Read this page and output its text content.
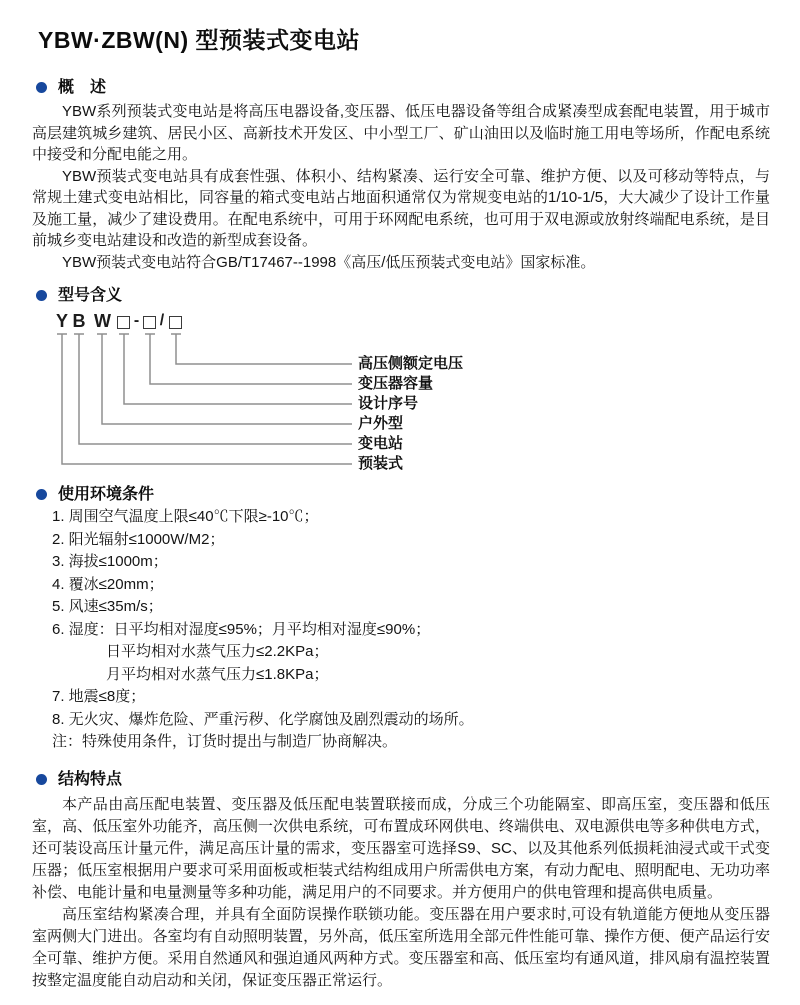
YBW·ZBW(N) 型预装式变电站
概　述

YBW系列预装式变电站是将高压电器设备,变压器、低压电器设备等组合成紧凑型成套配电装置，用于城市高层建筑城乡建筑、居民小区、高新技术开发区、中小型工厂、矿山油田以及临时施工用电等场所，作配电系统中接受和分配电能之用。

YBW预装式变电站具有成套性强、体积小、结构紧凑、运行安全可靠、维护方便、以及可移动等特点，与常规土建式变电站相比，同容量的箱式变电站占地面积通常仅为常规变电站的1/10-1/5，大大减少了设计工作量及施工量，减少了建设费用。在配电系统中，可用于环网配电系统，也可用于双电源或放射终端配电系统，是目前城乡变电站建设和改造的新型成套设备。

YBW预装式变电站符合GB/T17467--1998《高压/低压预装式变电站》国家标准。

型号含义
Y B W - /
高压侧额定电压
变压器容量
设计序号
户外型
变电站
预装式
使用环境条件
1. 周围空气温度上限≤40℃下限≥-10℃；
2. 阳光辐射≤1000W/M2；
3. 海拔≤1000m；
4. 覆冰≤20mm；
5. 风速≤35m/s；
6. 湿度：日平均相对湿度≤95%；月平均相对湿度≤90%；
日平均相对水蒸气压力≤2.2KPa；
月平均相对水蒸气压力≤1.8KPa；
7. 地震≤8度；
8. 无火灾、爆炸危险、严重污秽、化学腐蚀及剧烈震动的场所。
注：特殊使用条件，订货时提出与制造厂协商解决。
结构特点

本产品由高压配电装置、变压器及低压配电装置联接而成，分成三个功能隔室、即高压室，变压器和低压室，高、低压室外功能齐，高压侧一次供电系统，可布置成环网供电、终端供电、双电源供电等多种供电方式，还可装设高压计量元件，满足高压计量的需求，变压器室可选择S9、SC、以及其他系列低损耗油浸式或干式变压器；低压室根据用户要求可采用面板或柜装式结构组成用户所需供电方案，有动力配电、照明配电、无功功率补偿、电能计量和电量测量等多种功能，满足用户的不同要求。并方便用户的供电管理和提高供电质量。

高压室结构紧凑合理，并具有全面防误操作联锁功能。变压器在用户要求时,可设有轨道能方便地从变压器室两侧大门进出。各室均有自动照明装置，另外高，低压室所选用全部元件性能可靠、操作方便、便产品运行安全可靠、维护方便。采用自然通风和强迫通风两种方式。变压器室和高、低压室均有通风道，排风扇有温控装置按整定温度能自动启动和关闭，保证变压器正常运行。
